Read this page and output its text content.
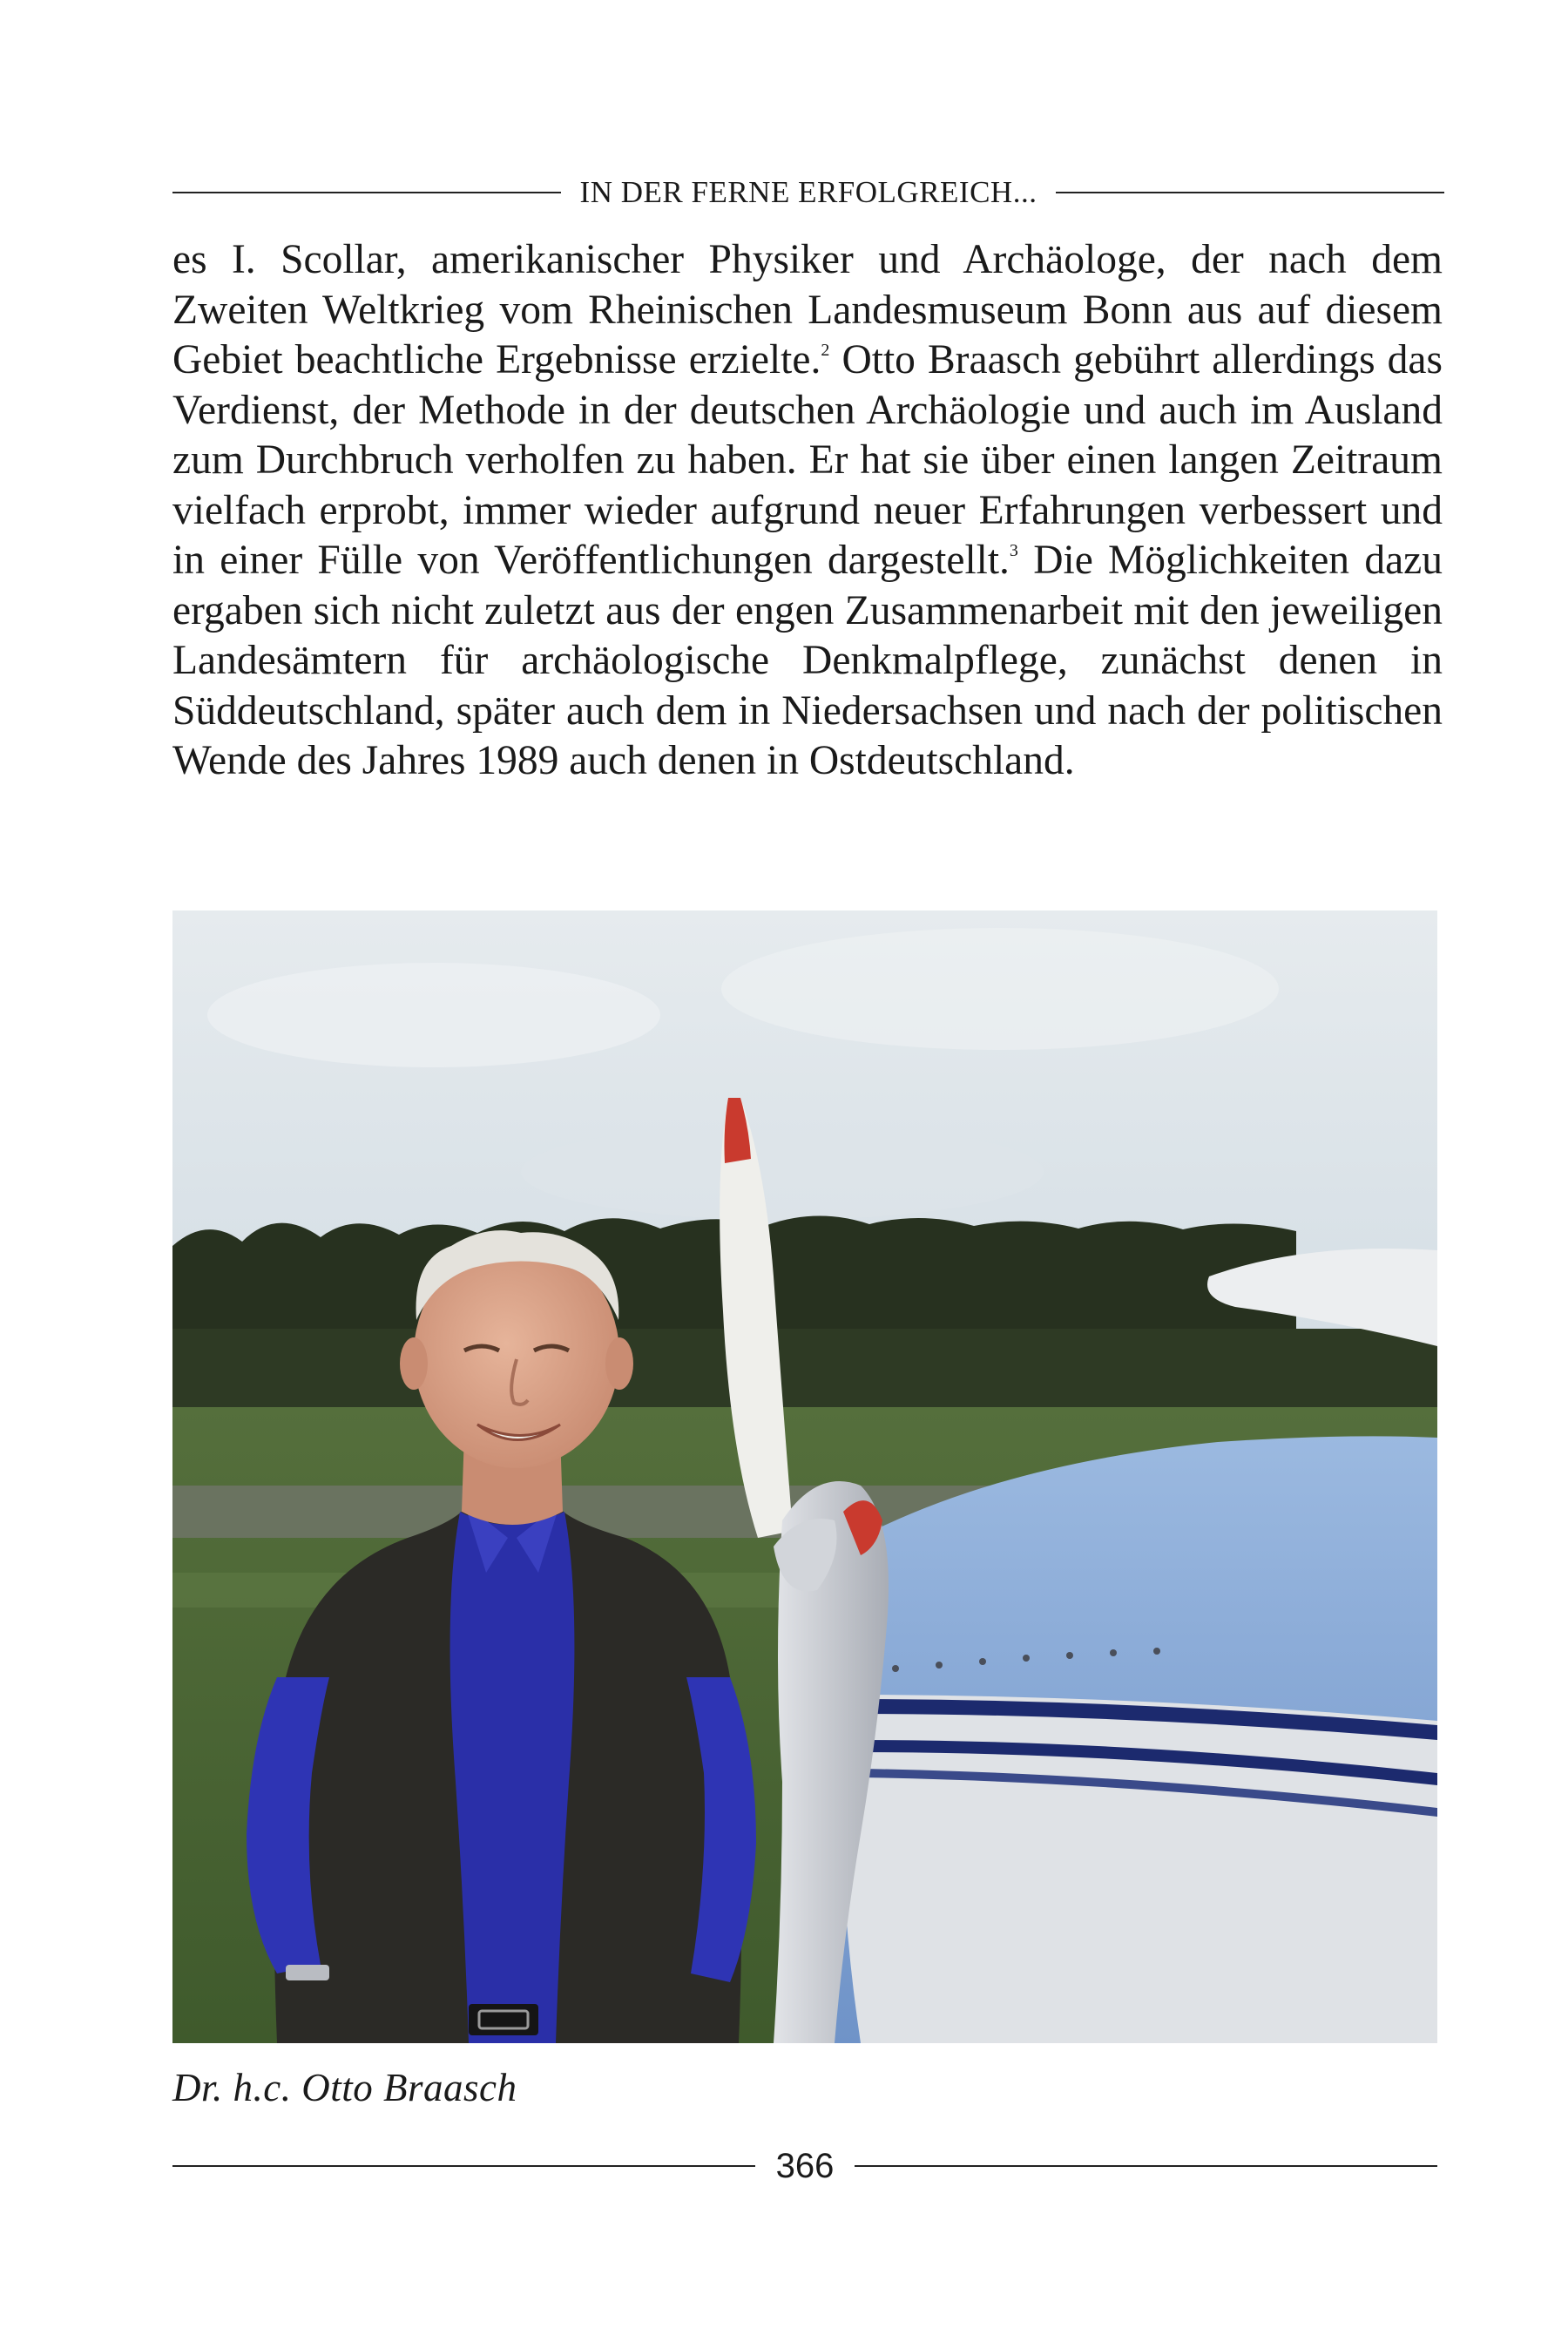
IN DER FERNE ERFOLGREICH...

es I. Scollar, amerikanischer Physiker und Archäologe, der nach dem Zweiten Weltkrieg vom Rheinischen Landesmuseum Bonn aus auf diesem Gebiet beachtliche Ergebnisse erzielte.$^2$ Otto Braasch gebührt allerdings das Verdienst, der Methode in der deutschen Archäologie und auch im Ausland zum Durchbruch verholfen zu haben. Er hat sie über einen langen Zeitraum vielfach erprobt, immer wieder aufgrund neuer Erfahrungen verbessert und in einer Fülle von Veröffentlichungen dargestellt.$^3$ Die Möglichkeiten dazu ergaben sich nicht zuletzt aus der engen Zusammenarbeit mit den jeweiligen Landesämtern für archäologische Denkmalpflege, zunächst denen in Süddeutschland, später auch dem in Niedersachsen und nach der politischen Wende des Jahres 1989 auch denen in Ostdeutschland.

Dr. h.c. Otto Braasch
366
